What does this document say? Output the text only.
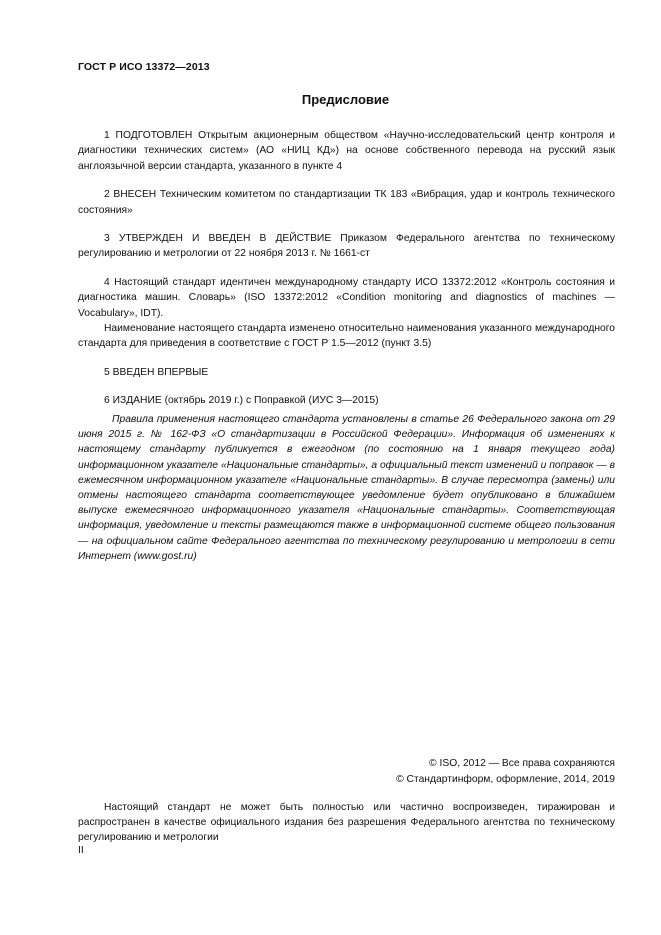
ГОСТ Р ИСО 13372—2013
Предисловие

1 ПОДГОТОВЛЕН Открытым акционерным обществом «Научно-исследовательский центр контроля и диагностики технических систем» (АО «НИЦ КД») на основе собственного перевода на русский язык англоязычной версии стандарта, указанного в пункте 4

2 ВНЕСЕН Техническим комитетом по стандартизации ТК 183 «Вибрация, удар и контроль технического состояния»

3 УТВЕРЖДЕН И ВВЕДЕН В ДЕЙСТВИЕ Приказом Федерального агентства по техническому регулированию и метрологии от 22 ноября 2013 г. № 1661-ст

4 Настоящий стандарт идентичен международному стандарту ИСО 13372:2012 «Контроль состояния и диагностика машин. Словарь» (ISO 13372:2012 «Condition monitoring and diagnostics of machines — Vocabulary», IDT).

Наименование настоящего стандарта изменено относительно наименования указанного международного стандарта для приведения в соответствие с ГОСТ Р 1.5—2012 (пункт 3.5)

5 ВВЕДЕН ВПЕРВЫЕ

6 ИЗДАНИЕ (октябрь 2019 г.) с Поправкой (ИУС 3—2015)

Правила применения настоящего стандарта установлены в статье 26 Федерального закона от 29 июня 2015 г. № 162-ФЗ «О стандартизации в Российской Федерации». Информация об изменениях к настоящему стандарту публикуется в ежегодном (по состоянию на 1 января текущего года) информационном указателе «Национальные стандарты», а официальный текст изменений и поправок — в ежемесячном информационном указателе «Национальные стандарты». В случае пересмотра (замены) или отмены настоящего стандарта соответствующее уведомление будет опубликовано в ближайшем выпуске ежемесячного информационного указателя «Национальные стандарты». Соответствующая информация, уведомление и тексты размещаются также в информационной системе общего пользования — на официальном сайте Федерального агентства по техническому регулированию и метрологии в сети Интернет (www.gost.ru)
© ISO, 2012 — Все права сохраняются
© Стандартинформ, оформление, 2014, 2019
Настоящий стандарт не может быть полностью или частично воспроизведен, тиражирован и распространен в качестве официального издания без разрешения Федерального агентства по техническому регулированию и метрологии
II
